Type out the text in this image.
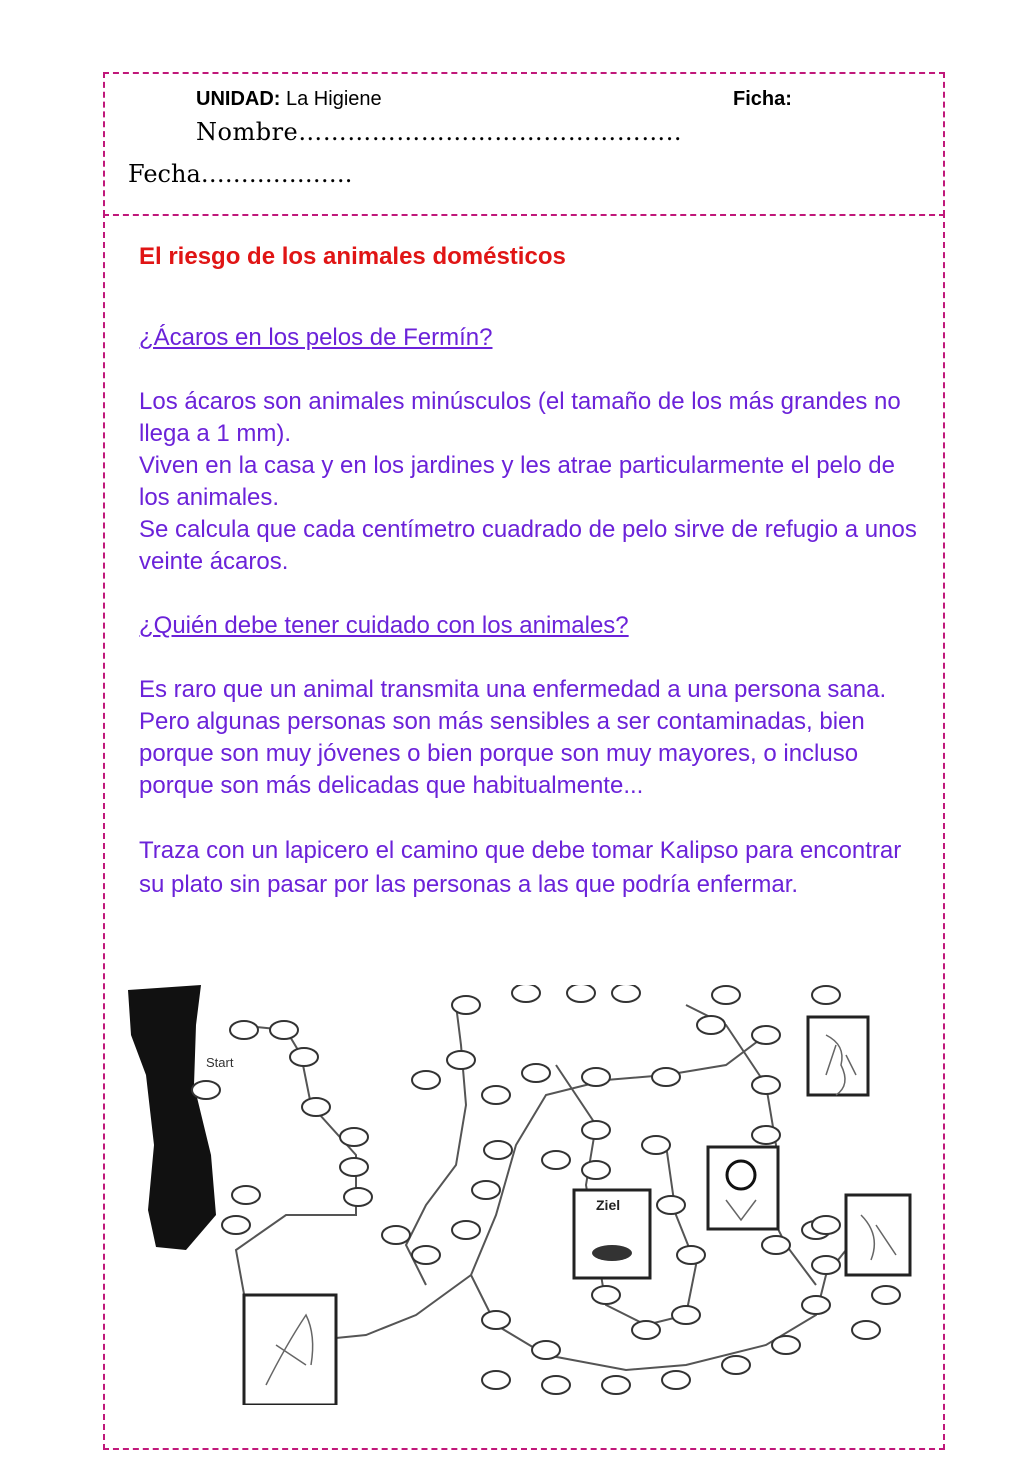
UNIDAD: La Higiene	Ficha:
Nombre………………………………………..
Fecha……………….
El riesgo de los animales domésticos
¿Ácaros en los pelos de Fermín?

Los ácaros son animales minúsculos (el tamaño de los más grandes no llega a 1 mm).

Viven en la casa y en los jardines y les atrae particularmente el pelo de los animales.

Se calcula que cada centímetro cuadrado de pelo sirve de refugio a unos veinte ácaros.

¿Quién debe tener cuidado con los animales?

Es raro que un animal transmita una enfermedad a una persona sana. Pero algunas personas son más sensibles a ser contaminadas, bien porque son muy jóvenes o bien porque son muy mayores, o incluso porque son más delicadas que habitualmente...

Traza con un lapicero el camino que debe tomar Kalipso para encontrar su plato sin pasar por las personas a las que podría enfermar.

Start
Ziel
